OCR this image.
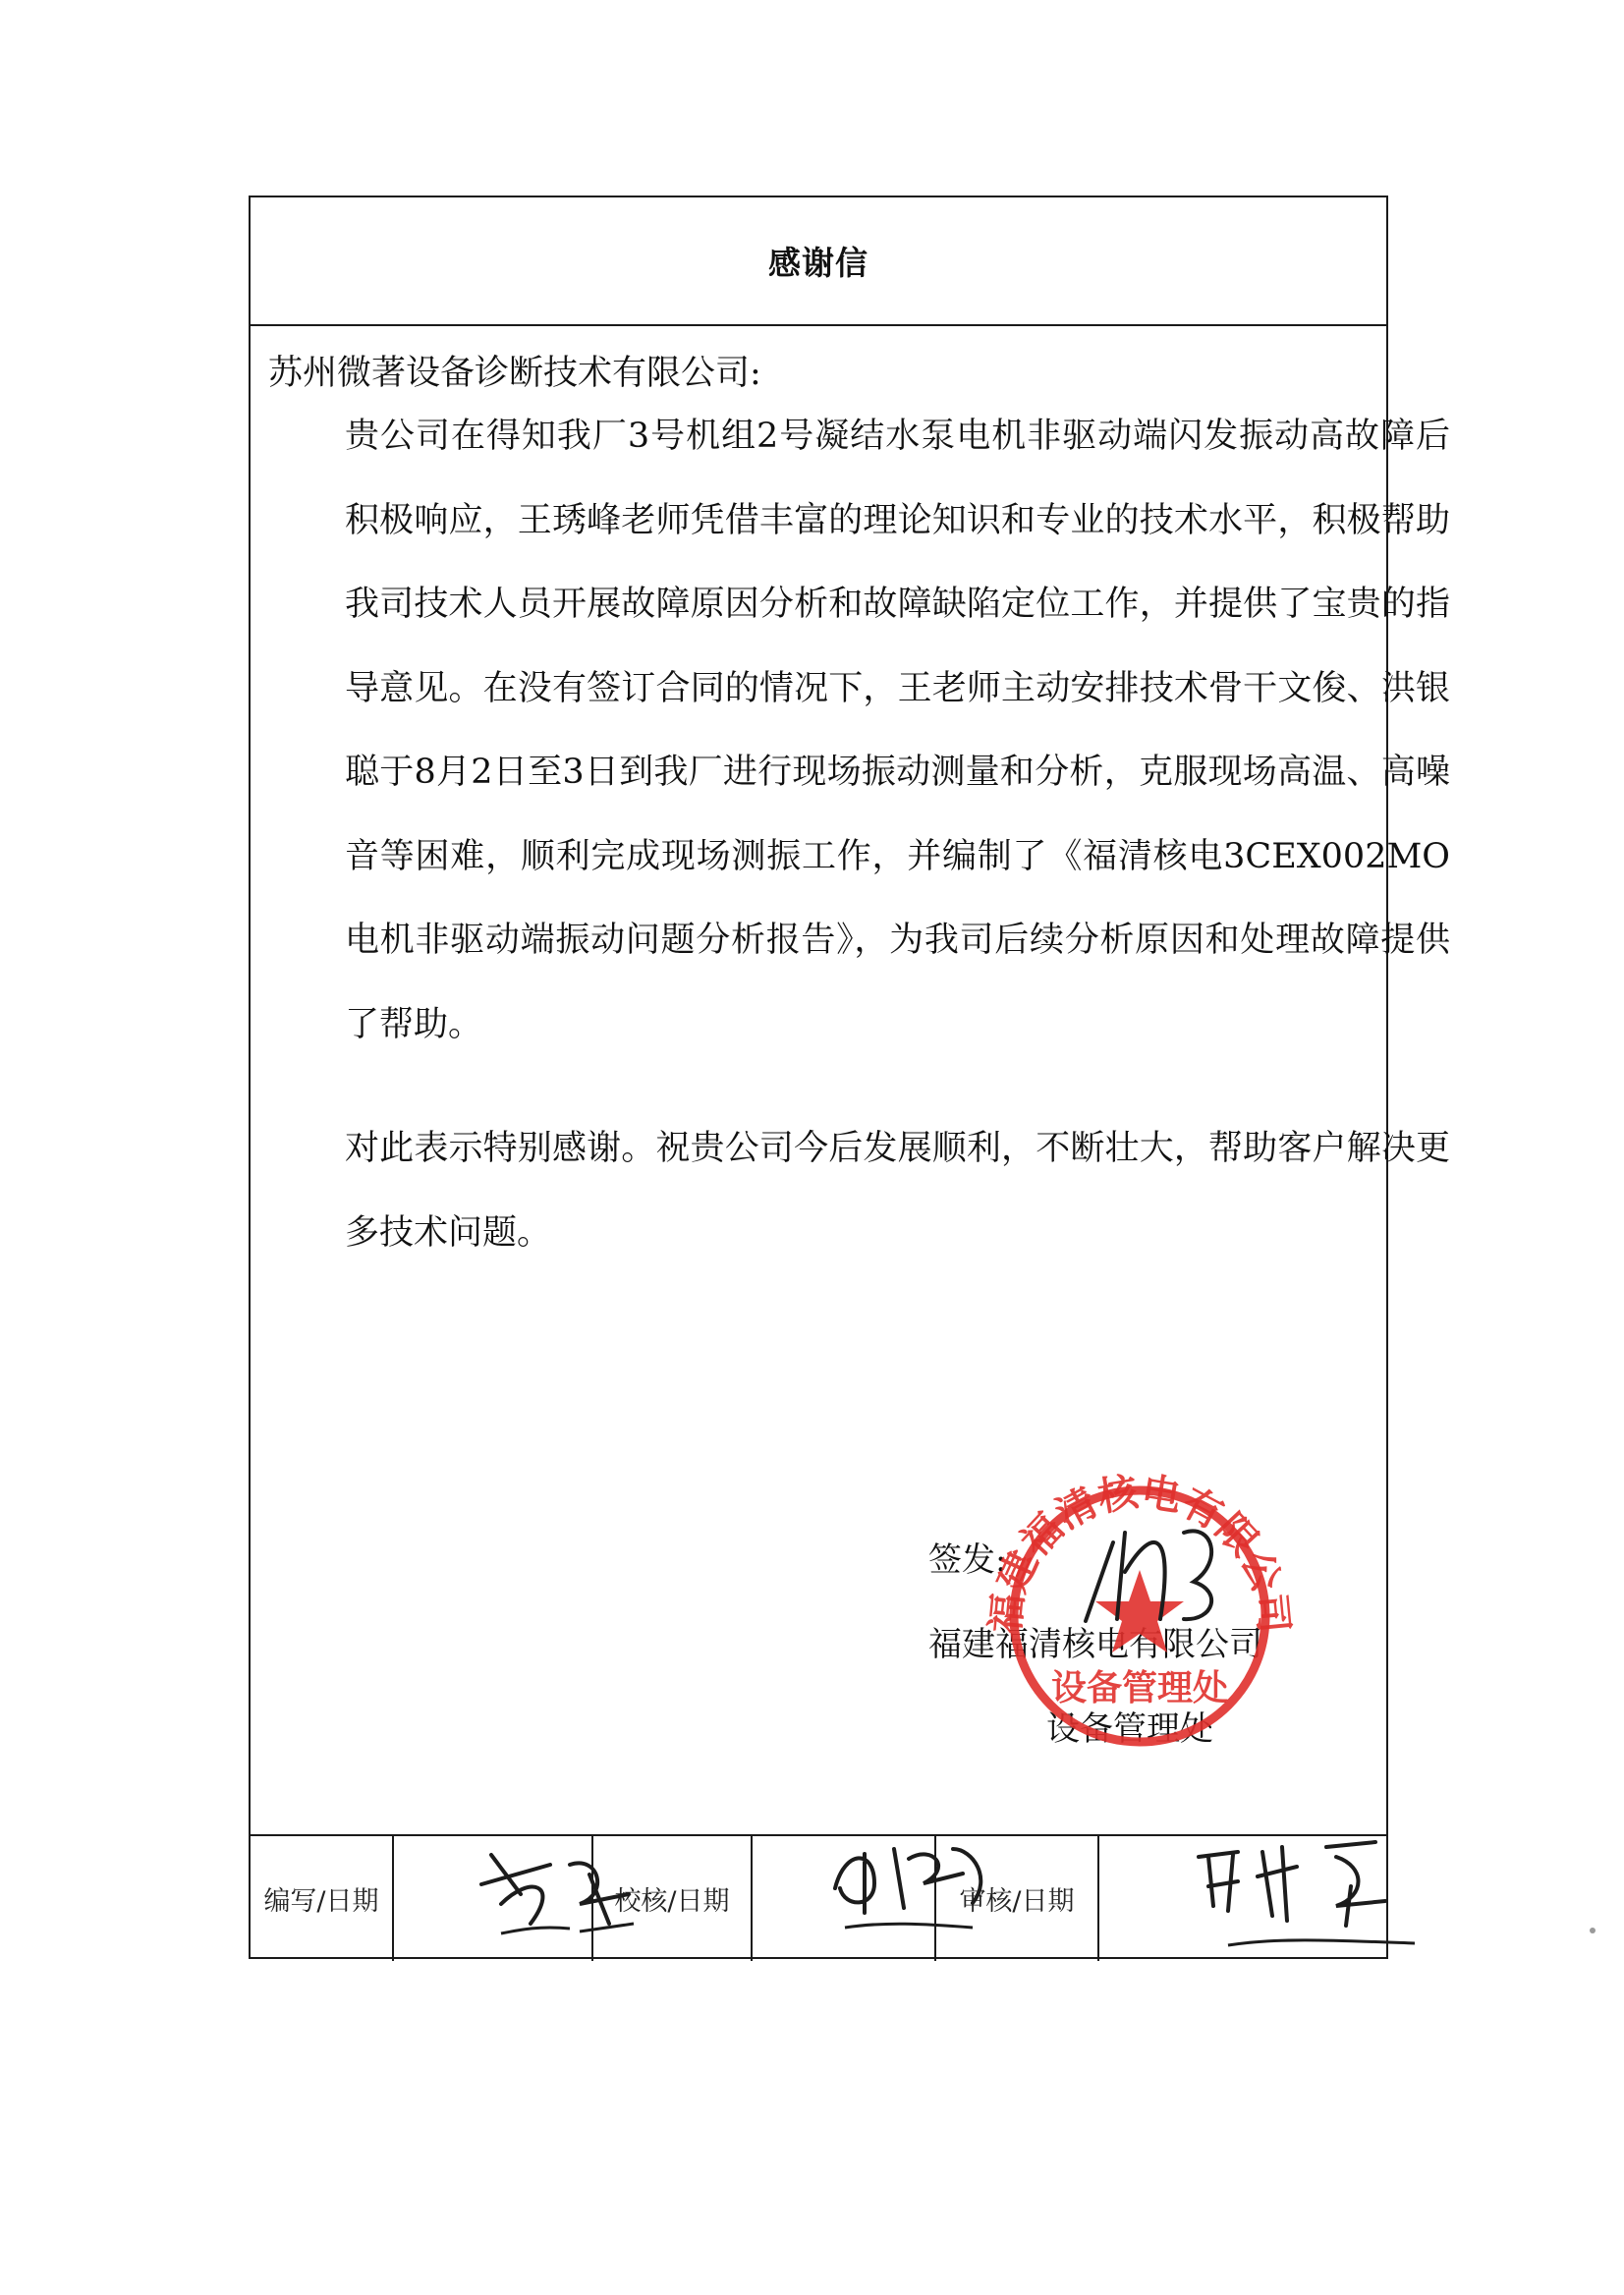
感谢信
苏州微著设备诊断技术有限公司:

贵公司在得知我厂3号机组2号凝结水泵电机非驱动端闪发振动高故障后积极响应，王琇峰老师凭借丰富的理论知识和专业的技术水平，积极帮助我司技术人员开展故障原因分析和故障缺陷定位工作，并提供了宝贵的指导意见。在没有签订合同的情况下，王老师主动安排技术骨干文俊、洪银聪于8月2日至3日到我厂进行现场振动测量和分析，克服现场高温、高噪音等困难，顺利完成现场测振工作，并编制了《福清核电3CEX002MO电机非驱动端振动问题分析报告》，为我司后续分析原因和处理故障提供了帮助。

对此表示特别感谢。祝贵公司今后发展顺利，不断壮大，帮助客户解决更多技术问题。

签发:
福建福清核电有限公司
设备管理处
编写/日期	校核/日期	审核/日期
福建福清核电有限公司
设备管理处
